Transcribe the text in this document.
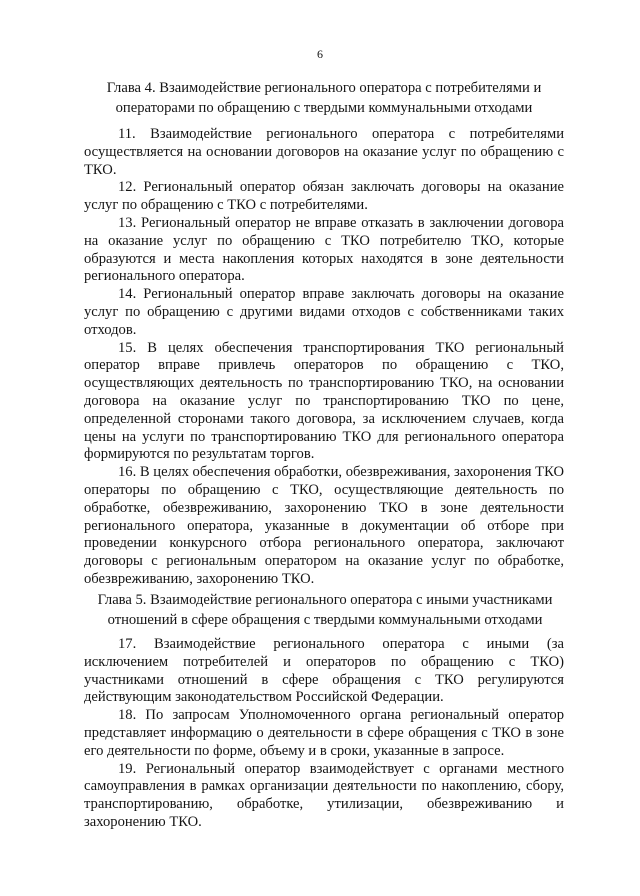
6
Глава 4. Взаимодействие регионального оператора с потребителями и
операторами по обращению с твердыми коммунальными отходами

11. Взаимодействие регионального оператора с потребителями осуществляется на основании договоров на оказание услуг по обращению с ТКО.

12. Региональный оператор обязан заключать договоры на оказание услуг по обращению с ТКО с потребителями.

13. Региональный оператор не вправе отказать в заключении договора на оказание услуг по обращению с ТКО потребителю ТКО, которые образуются и места накопления которых находятся в зоне деятельности регионального оператора.

14. Региональный оператор вправе заключать договоры на оказание услуг по обращению с другими видами отходов с собственниками таких отходов.

15. В целях обеспечения транспортирования ТКО региональный оператор вправе привлечь операторов по обращению с ТКО, осуществляющих деятельность по транспортированию ТКО, на основании договора на оказание услуг по транспортированию ТКО по цене, определенной сторонами такого договора, за исключением случаев, когда цены на услуги по транспортированию ТКО для регионального оператора формируются по результатам торгов.

16. В целях обеспечения обработки, обезвреживания, захоронения ТКО операторы по обращению с ТКО, осуществляющие деятельность по обработке, обезвреживанию, захоронению ТКО в зоне деятельности регионального оператора, указанные в документации об отборе при проведении конкурсного отбора регионального оператора, заключают договоры с региональным оператором на оказание услуг по обработке, обезвреживанию, захоронению ТКО.

Глава 5. Взаимодействие регионального оператора с иными участниками
отношений в сфере обращения с твердыми коммунальными отходами

17. Взаимодействие регионального оператора с иными (за исключением потребителей и операторов по обращению с ТКО) участниками отношений в сфере обращения с ТКО регулируются действующим законодательством Российской Федерации.

18. По запросам Уполномоченного органа региональный оператор представляет информацию о деятельности в сфере обращения с ТКО в зоне его деятельности по форме, объему и в сроки, указанные в запросе.

19. Региональный оператор взаимодействует с органами местного самоуправления в рамках организации деятельности по накоплению, сбору, транспортированию, обработке, утилизации, обезвреживанию и захоронению ТКО.
